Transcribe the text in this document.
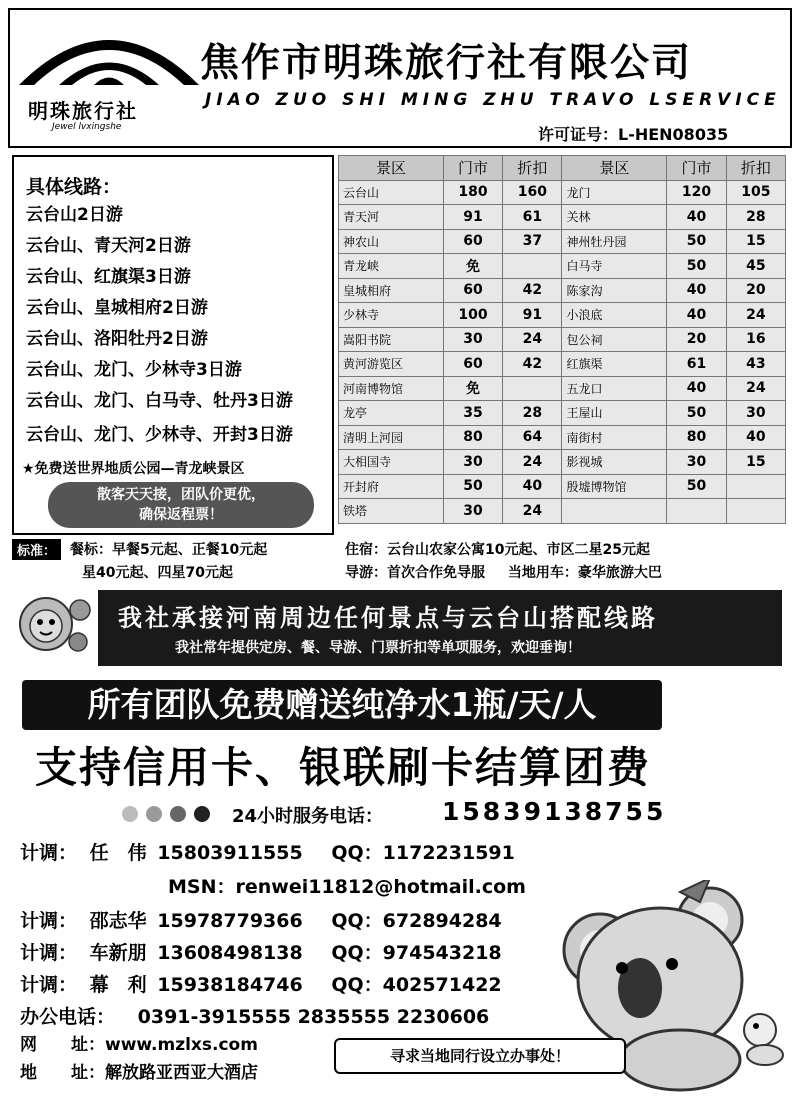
明珠旅行社
Jewel lvxingshe
焦作市明珠旅行社有限公司
JIAO ZUO SHI MING ZHU TRAVO LSERVICE
许可证号：L-HEN08035
具体线路：
云台山2日游
云台山、青天河2日游
云台山、红旗渠3日游
云台山、皇城相府2日游
云台山、洛阳牡丹2日游
云台山、龙门、少林寺3日游
云台山、龙门、白马寺、牡丹3日游
云台山、龙门、少林寺、开封3日游
★免费送世界地质公园—青龙峡景区
散客天天接，团队价更优，
确保返程票！
景区	门市	折扣	景区	门市	折扣
云台山	180	160	龙门	120	105
青天河	91	61	关林	40	28
神农山	60	37	神州牡丹园	50	15
青龙峡	免		白马寺	50	45
皇城相府	60	42	陈家沟	40	20
少林寺	100	91	小浪底	40	24
嵩阳书院	30	24	包公祠	20	16
黄河游览区	60	42	红旗渠	61	43
河南博物馆	免		五龙口	40	24
龙亭	35	28	王屋山	50	30
清明上河园	80	64	南街村	80	40
大相国寺	30	24	影视城	30	15
开封府	50	40	殷墟博物馆	50	
铁塔	30	24			
标准： 餐标：早餐5元起、正餐10元起
星40元起、四星70元起
住宿：云台山农家公寓10元起、市区二星25元起
导游：首次合作免导服 当地用车：豪华旅游大巴
我社承接河南周边任何景点与云台山搭配线路
我社常年提供定房、餐、导游、门票折扣等单项服务，欢迎垂询！
所有团队免费赠送纯净水1瓶/天/人
支持信用卡、银联刷卡结算团费
24小时服务电话： 15839138755
计调： 任　伟 15803911555 QQ：1172231591
MSN：renwei11812@hotmail.com
计调： 邵志华 15978779366 QQ：672894284
计调： 车新朋 13608498138 QQ：974543218
计调： 幕　利 15938184746 QQ：402571422
办公电话： 0391-3915555 2835555 2230606
网　　址：www.mzlxs.com
地　　址：解放路亚西亚大酒店
寻求当地同行设立办事处！
